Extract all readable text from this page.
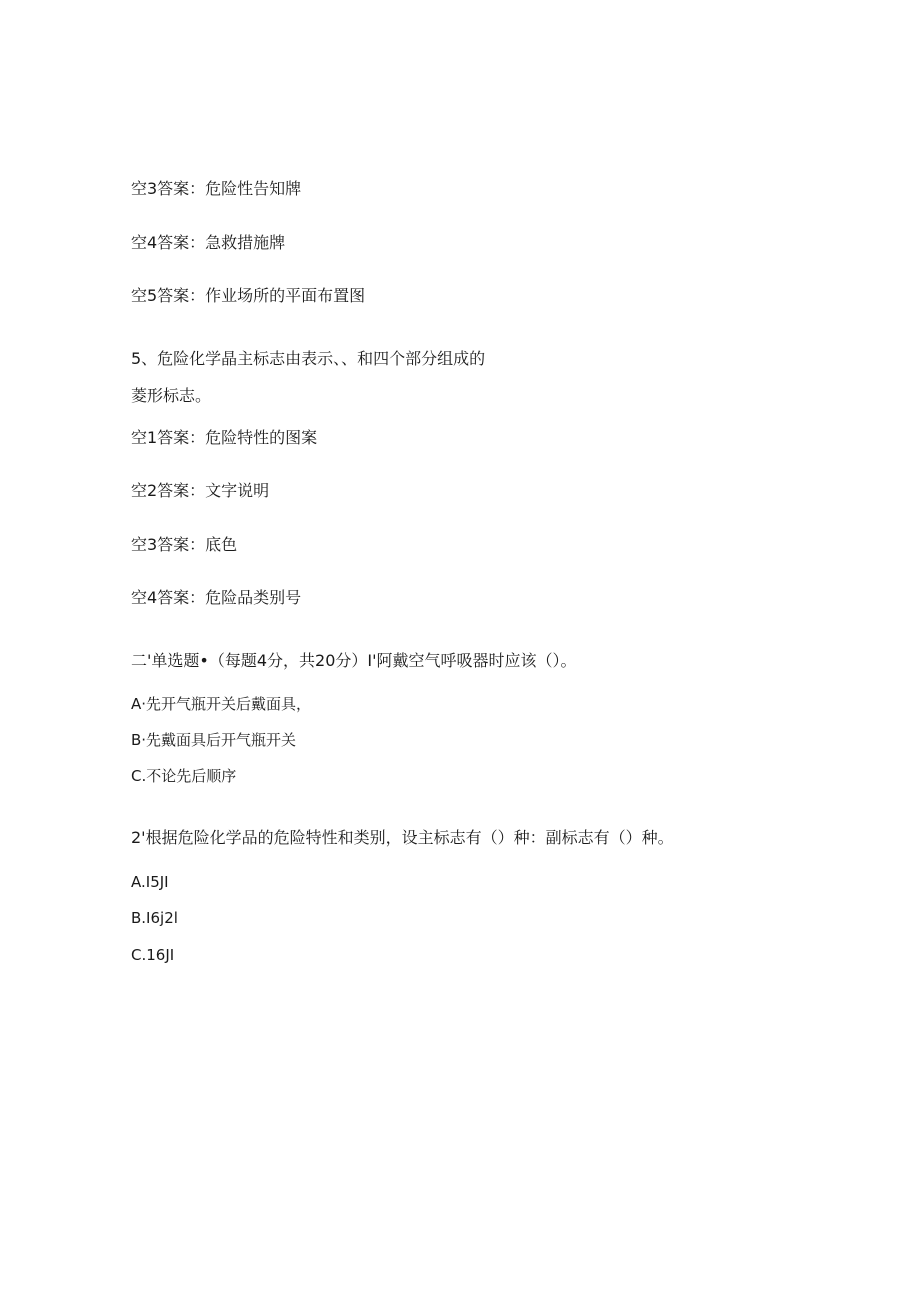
空3答案：危险性告知牌
空4答案：急救措施牌
空5答案：作业场所的平面布置图
5、危险化学晶主标志由表示、、和四个部分组成的
菱形标志。
空1答案：危险特性的图案
空2答案：文字说明
空3答案：底色
空4答案：危险品类别号
二'单选题•（每题4分，共20分）I'阿戴空气呼吸器时应该（）。
A·先开气瓶开关后戴面具，
B·先戴面具后开气瓶开关
C.不论先后顺序
2'根据危险化学品的危险特性和类别，设主标志有（）种：副标志有（）种。
A.I5JI
B.I6j2l
C.16JI
